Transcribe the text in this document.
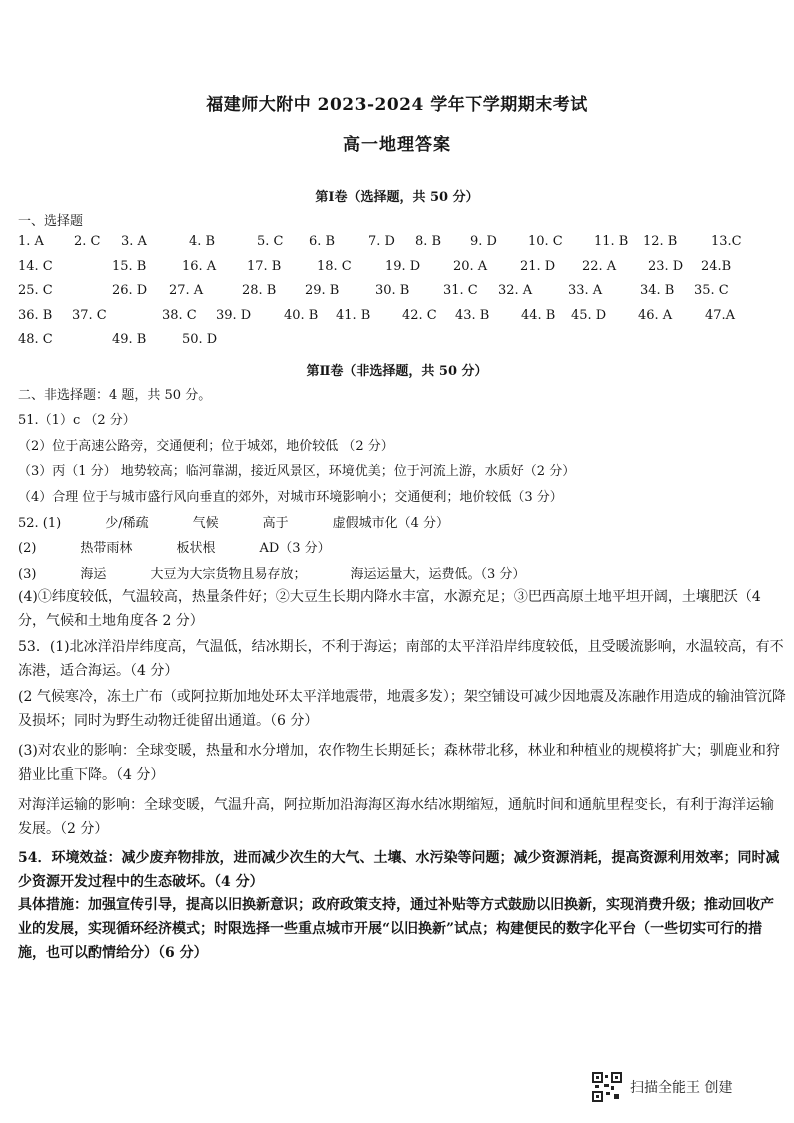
福建师大附中 2023-2024 学年下学期期末考试
高一地理答案
第Ⅰ卷（选择题，共 50 分）
一、选择题
1. A 2. C 3. A	4. B	5. C 6. B	7. D 8. B 9. D 10. C 11. B 12. B	13.C
14. C	15. B	16. A 17. B	18. C	19. D	20. A	21. D 22. A 23. D 24.B
25. C	26. D 27. A	28. B 29. B	30. B	31. C 32. A	33. A	34. B 35. C
36. B 37. C	38. C 39. D	40. B 41. B 42. C 43. B 44. B 45. D 46. A	47.A
48. C	49. B	50. D
第Ⅱ卷（非选择题，共 50 分）
二、非选择题：4 题，共 50 分。
51.（1）c （2 分）
（2）位于高速公路旁，交通便利；位于城郊，地价较低 （2 分）
（3）丙（1 分） 地势较高；临河靠湖，接近风景区，环境优美；位于河流上游，水质好（2 分）
（4）合理 位于与城市盛行风向垂直的郊外，对城市环境影响小；交通便利；地价较低（3 分）
52. (1)	少/稀疏	气候	高于	虚假城市化（4 分）
(2)	热带雨林	板状根	AD（3 分）
(3)	海运	大豆为大宗货物且易存放；	海运运量大，运费低。（3 分）
(4)①纬度较低，气温较高，热量条件好；②大豆生长期内降水丰富，水源充足；③巴西高原土地平坦开阔，土壤肥沃（4 分，气候和土地角度各 2 分）
53．(1)北冰洋沿岸纬度高，气温低，结冰期长，不利于海运；南部的太平洋沿岸纬度较低，且受暖流影响，水温较高，有不冻港，适合海运。（4 分）
(2 气候寒冷，冻土广布（或阿拉斯加地处环太平洋地震带，地震多发）；架空铺设可减少因地震及冻融作用造成的输油管沉降及损坏；同时为野生动物迁徙留出通道。（6 分）
(3)对农业的影响：全球变暖，热量和水分增加，农作物生长期延长；森林带北移，林业和种植业的规模将扩大；驯鹿业和狩猎业比重下降。（4 分）
对海洋运输的影响：全球变暖，气温升高，阿拉斯加沿海海区海水结冰期缩短，通航时间和通航里程变长，有利于海洋运输发展。（2 分）
54．环境效益：减少废弃物排放，进而减少次生的大气、土壤、水污染等问题；减少资源消耗，提高资源利用效率；同时减少资源开发过程中的生态破坏。（4 分）
具体措施：加强宣传引导，提高以旧换新意识；政府政策支持，通过补贴等方式鼓励以旧换新，实现消费升级；推动回收产业的发展，实现循环经济模式；时限选择一些重点城市开展“以旧换新”试点；构建便民的数字化平台（一些切实可行的措施，也可以酌情给分）（6 分）
扫描全能王 创建
